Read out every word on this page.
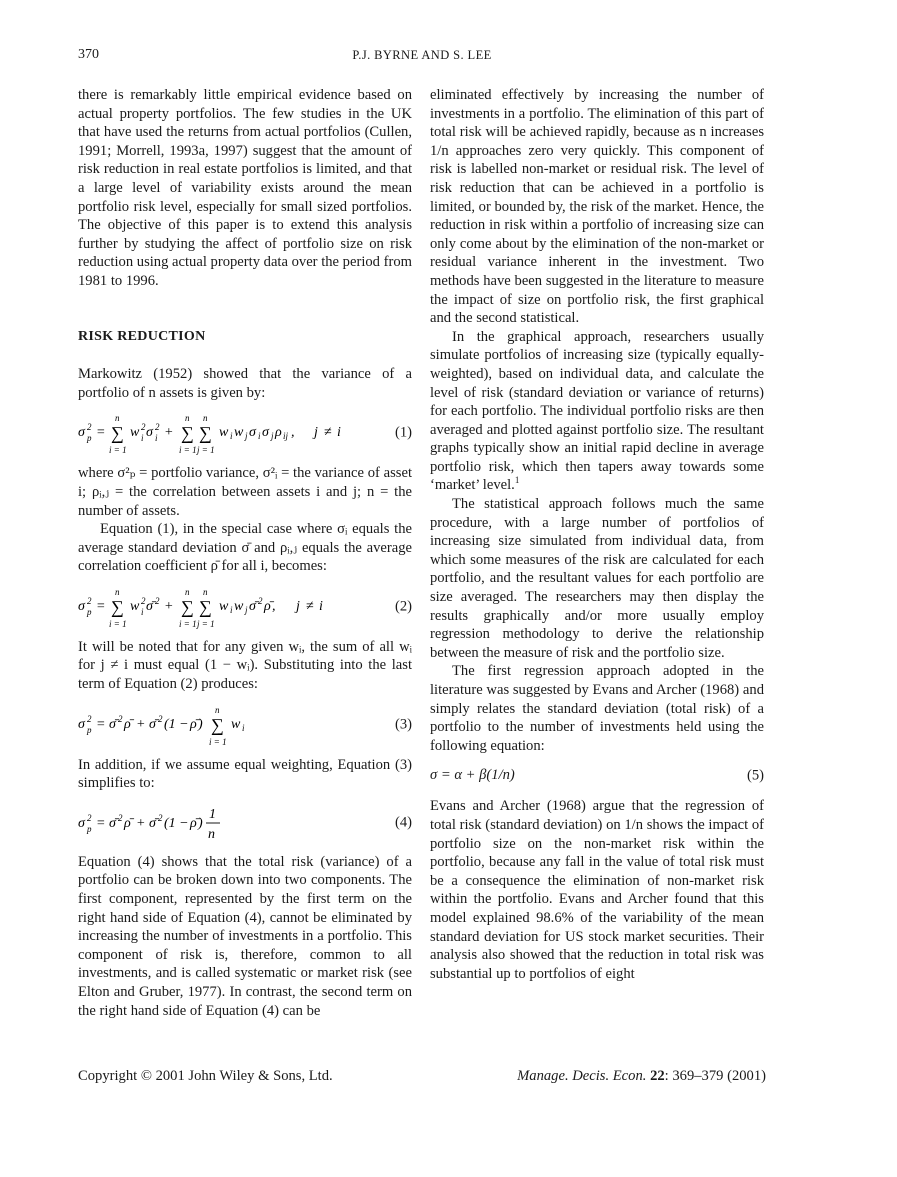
370	P.J. BYRNE AND S. LEE

there is remarkably little empirical evidence based on actual property portfolios. The few studies in the UK that have used the returns from actual portfolios (Cullen, 1991; Morrell, 1993a, 1997) suggest that the amount of risk reduction in real estate portfolios is limited, and that a large level of variability exists around the mean portfolio risk level, especially for small sized portfolios. The objective of this paper is to extend this analysis further by studying the affect of portfolio size on risk reduction using actual property data over the period from 1981 to 1996.

RISK REDUCTION

Markowitz (1952) showed that the variance of a portfolio of n assets is given by:

σ 2
p = ∑
n
i = 1
w 2
i σ 2
i + ∑
n
i = 1
∑
n
j = 1
w i w j σ i σ j ρ ij , j ≠ i	(1)

where σ²ₚ = portfolio variance, σ²ᵢ = the variance of asset i; ρᵢ,ⱼ = the correlation between assets i and j; n = the number of assets.

Equation (1), in the special case where σᵢ equals the average standard deviation σ̄ and ρᵢ,ⱼ equals the average correlation coefficient ρ̄ for all i, becomes:

σ 2
p = ∑
n
i = 1
w 2
i σ̄ 2 + ∑
n
i = 1
∑
n
j = 1
w i w j σ̄ 2 ρ̄ , j ≠ i	(2)

It will be noted that for any given wᵢ, the sum of all wᵢ for j ≠ i must equal (1 − wᵢ). Substituting into the last term of Equation (2) produces:

σ 2
p = σ̄ 2 ρ̄ + σ̄ 2 (1 − ρ̄ ) ∑
n
i = 1
w i	(3)

In addition, if we assume equal weighting, Equation (3) simplifies to:

σ 2
p = σ̄ 2 ρ̄ + σ̄ 2 (1 − ρ̄ )
1
n
(4)

Equation (4) shows that the total risk (variance) of a portfolio can be broken down into two components. The first component, represented by the first term on the right hand side of Equation (4), cannot be eliminated by increasing the number of investments in a portfolio. This component of risk is, therefore, common to all investments, and is called systematic or market risk (see Elton and Gruber, 1977). In contrast, the second term on the right hand side of Equation (4) can be

eliminated effectively by increasing the number of investments in a portfolio. The elimination of this part of total risk will be achieved rapidly, because as n increases 1/n approaches zero very quickly. This component of risk is labelled non-market or residual risk. The level of risk reduction that can be achieved in a portfolio is limited, or bounded by, the risk of the market. Hence, the reduction in risk within a portfolio of increasing size can only come about by the elimination of the non-market or residual variance inherent in the investment. Two methods have been suggested in the literature to measure the impact of size on portfolio risk, the first graphical and the second statistical.

In the graphical approach, researchers usually simulate portfolios of increasing size (typically equally-weighted), based on individual data, and calculate the level of risk (standard deviation or variance of returns) for each portfolio. The individual portfolio risks are then averaged and plotted against portfolio size. The resultant graphs typically show an initial rapid decline in average portfolio risk, which then tapers away towards some ‘market’ level.$^1$

The statistical approach follows much the same procedure, with a large number of portfolios of increasing size simulated from individual data, from which some measures of the risk are calculated for each portfolio, and the resultant values for each portfolio are size averaged. The researchers may then display the results graphically and/or more usually employ regression methodology to derive the relationship between the measure of risk and the portfolio size.

The first regression approach adopted in the literature was suggested by Evans and Archer (1968) and simply relates the standard deviation (total risk) of a portfolio to the number of investments held using the following equation:

σ = α + β(1/n)	(5)

Evans and Archer (1968) argue that the regression of total risk (standard deviation) on 1/n shows the impact of portfolio size on the non-market risk within the portfolio, because any fall in the value of total risk must be a consequence the elimination of non-market risk within the portfolio. Evans and Archer found that this model explained 98.6% of the variability of the mean standard deviation for US stock market securities. Their analysis also showed that the reduction in total risk was substantial up to portfolios of eight

Copyright © 2001 John Wiley & Sons, Ltd.	Manage. Decis. Econ. 22: 369–379 (2001)
